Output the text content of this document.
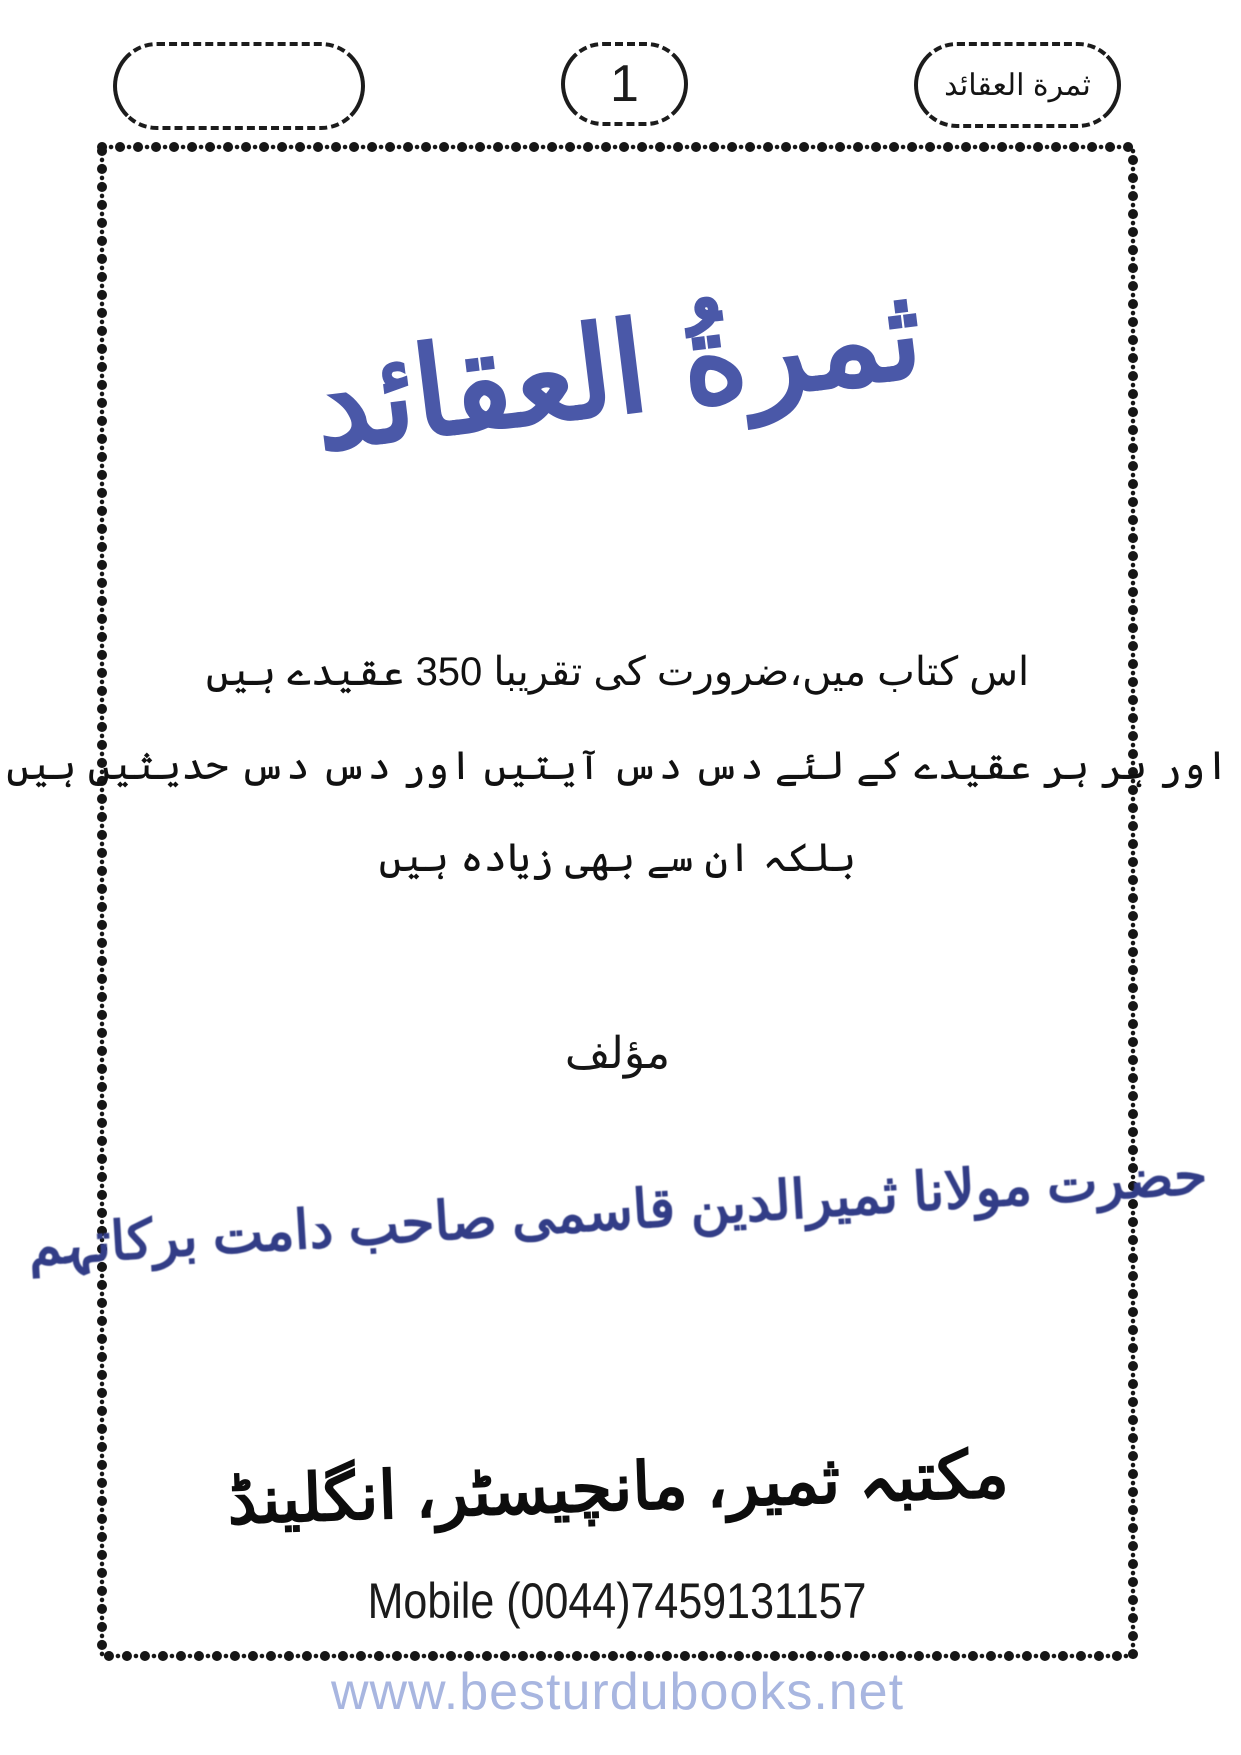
1	ثمرة العقائد
ثمرةُ العقائد
اس کتاب میں،ضرورت کی تقریبا 350 عقیدے ہیں
اور ہر ہر عقیدے کے لئے دس دس آیتیں اور دس دس حدیثیں ہیں
بلکہ ان سے بھی زیادہ ہیں
مؤلف
حضرت مولانا ثمیرالدین قاسمی صاحب دامت برکاتہم
مکتبہ ثمیر، مانچیسٹر، انگلینڈ
Mobile (0044)7459131157
www.besturdubooks.net
